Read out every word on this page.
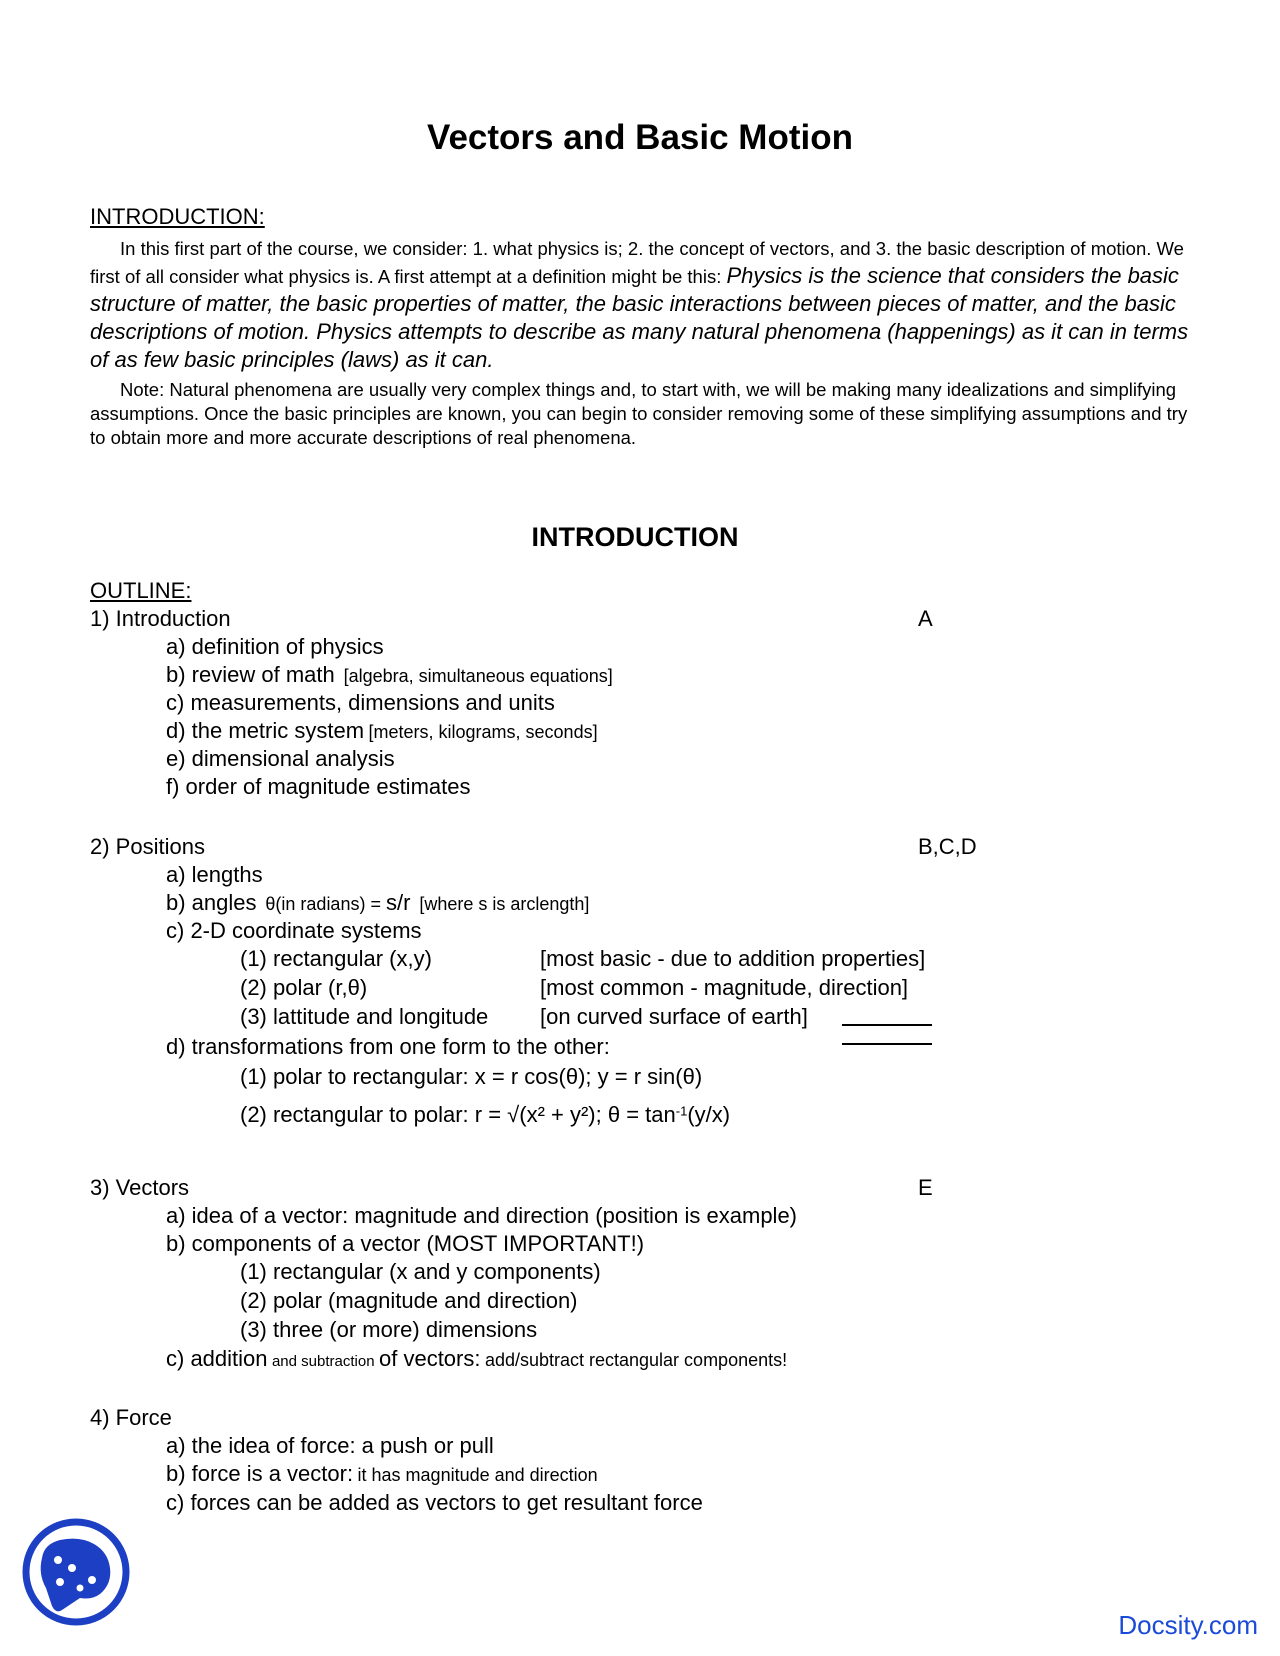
Vectors and Basic Motion
INTRODUCTION:

In this first part of the course, we consider: 1. what physics is; 2. the concept of vectors, and 3. the basic description of motion. We first of all consider what physics is. A first attempt at a definition might be this: Physics is the science that considers the basic structure of matter, the basic properties of matter, the basic interactions between pieces of matter, and the basic descriptions of motion. Physics attempts to describe as many natural phenomena (happenings) as it can in terms of as few basic principles (laws) as it can.

Note: Natural phenomena are usually very complex things and, to start with, we will be making many idealizations and simplifying assumptions. Once the basic principles are known, you can begin to consider removing some of these simplifying assumptions and try to obtain more and more accurate descriptions of real phenomena.

INTRODUCTION
OUTLINE:
1) Introduction	A
a) definition of physics
b) review of math [algebra, simultaneous equations]
c) measurements, dimensions and units
d) the metric system [meters, kilograms, seconds]
e) dimensional analysis
f) order of magnitude estimates
2) Positions	B,C,D
a) lengths
b) angles θ(in radians) = s/r [where s is arclength]
c) 2-D coordinate systems
(1) rectangular (x,y)	[most basic - due to addition properties]
(2) polar (r,θ)	[most common - magnitude, direction]
(3) lattitude and longitude [on curved surface of earth]
d) transformations from one form to the other:
(1) polar to rectangular: x = r cos(θ); y = r sin(θ)
(2) rectangular to polar: r = √(x² + y²); $\theta = \tan^{-1}(y/x)$
3) Vectors	E
a) idea of a vector: magnitude and direction (position is example)
b) components of a vector (MOST IMPORTANT!)
(1) rectangular (x and y components)
(2) polar (magnitude and direction)
(3) three (or more) dimensions
c) addition and subtraction of vectors: add/subtract rectangular components!
4) Force
a) the idea of force: a push or pull
b) force is a vector: it has magnitude and direction
c) forces can be added as vectors to get resultant force
Docsity.com
